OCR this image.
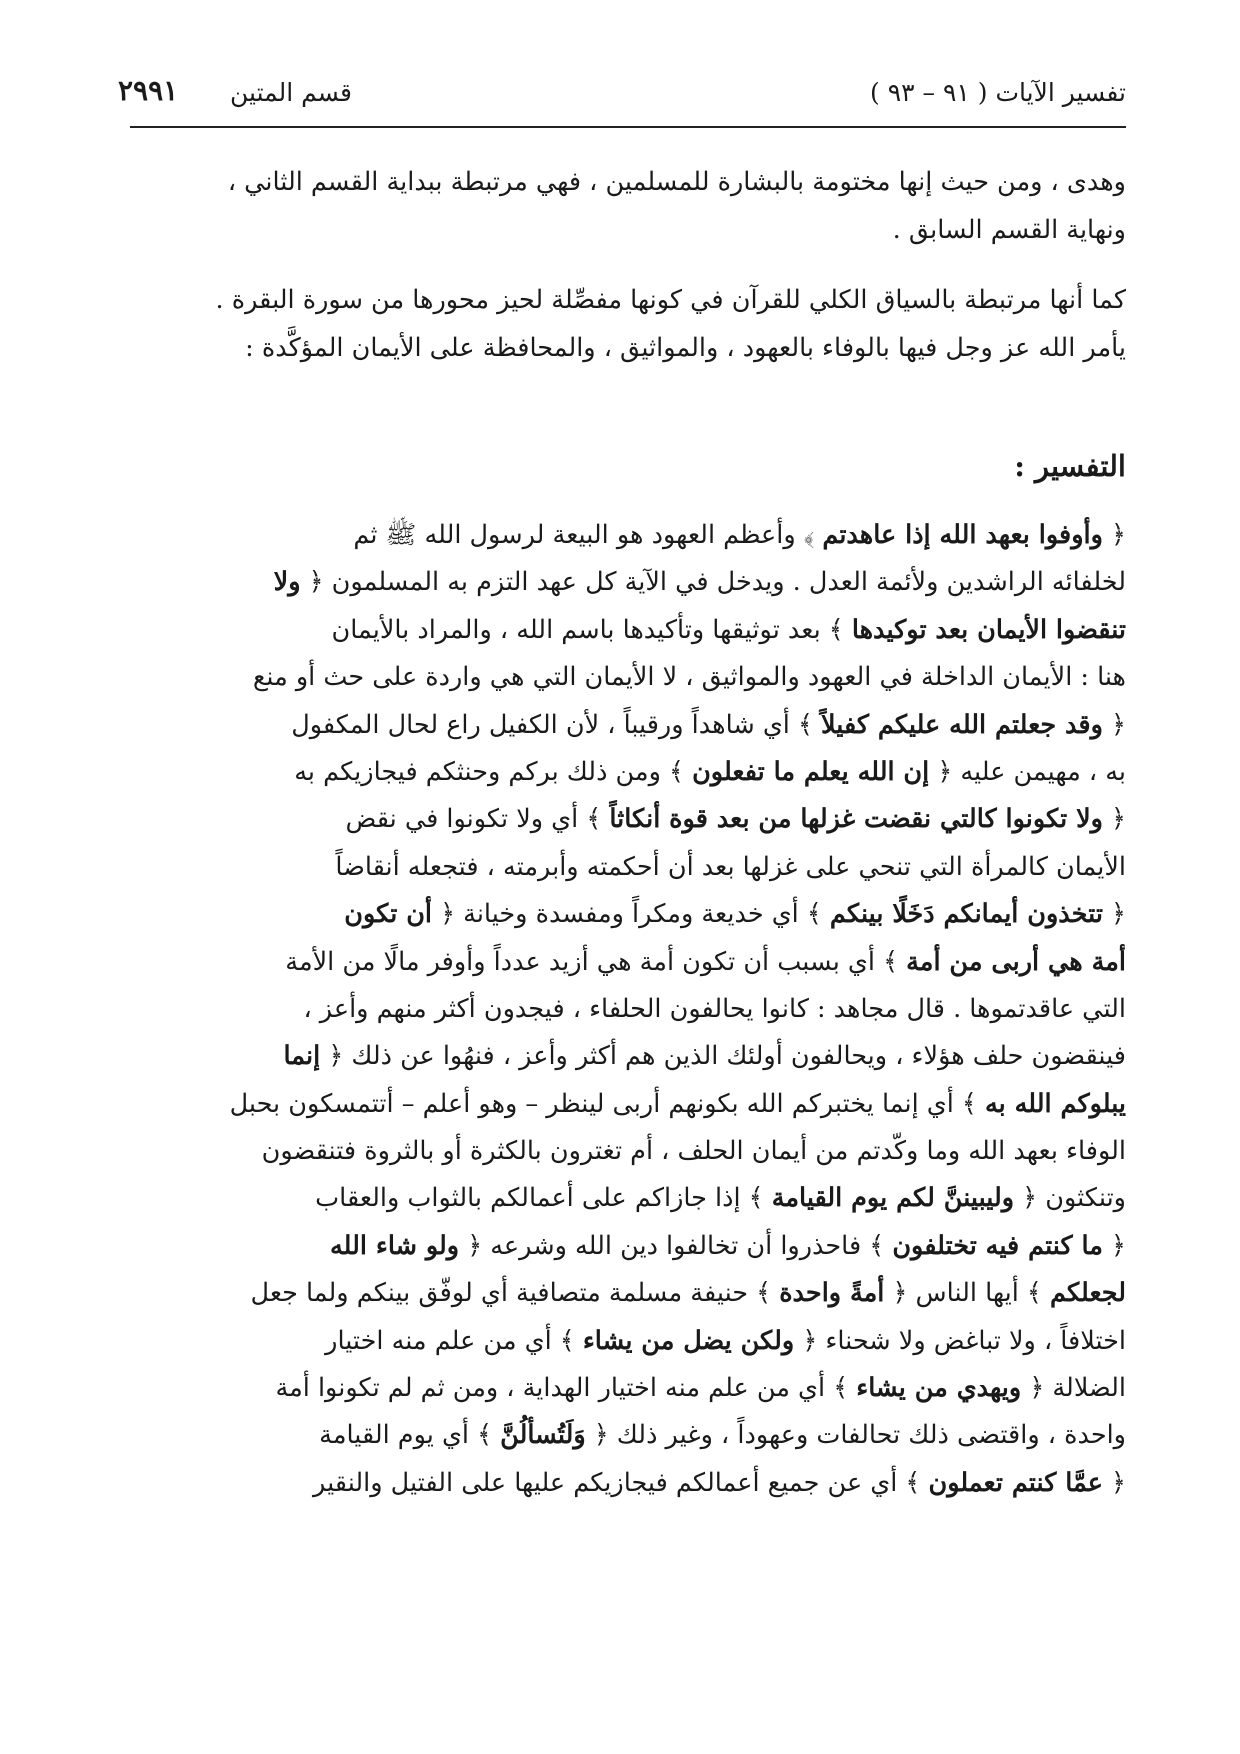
تفسير الآيات ( ٩١ – ٩٣ )
قسم المتين
٢٩٩١
وهدى ، ومن حيث إنها مختومة بالبشارة للمسلمين ، فهي مرتبطة ببداية القسم الثاني ،
ونهاية القسم السابق .
كما أنها مرتبطة بالسياق الكلي للقرآن في كونها مفصِّلة لحيز محورها من سورة البقرة .
يأمر الله عز وجل فيها بالوفاء بالعهود ، والمواثيق ، والمحافظة على الأيمان المؤكَّدة :
التفسير :
﴿ وأوفوا بعهد الله إذا عاهدتم ﴾ وأعظم العهود هو البيعة لرسول الله ﷺ ثم
لخلفائه الراشدين ولأئمة العدل . ويدخل في الآية كل عهد التزم به المسلمون ﴿ ولا
تنقضوا الأيمان بعد توكيدها ﴾ بعد توثيقها وتأكيدها باسم الله ، والمراد بالأيمان
هنا : الأيمان الداخلة في العهود والمواثيق ، لا الأيمان التي هي واردة على حث أو منع
﴿ وقد جعلتم الله عليكم كفيلاً ﴾ أي شاهداً ورقيباً ، لأن الكفيل راع لحال المكفول
به ، مهيمن عليه ﴿ إن الله يعلم ما تفعلون ﴾ ومن ذلك بركم وحنثكم فيجازيكم به
﴿ ولا تكونوا كالتي نقضت غزلها من بعد قوة أنكاثاً ﴾ أي ولا تكونوا في نقض
الأيمان كالمرأة التي تنحي على غزلها بعد أن أحكمته وأبرمته ، فتجعله أنقاضاً
﴿ تتخذون أيمانكم دَخَلًا بينكم ﴾ أي خديعة ومكراً ومفسدة وخيانة ﴿ أن تكون
أمة هي أربى من أمة ﴾ أي بسبب أن تكون أمة هي أزيد عدداً وأوفر مالًا من الأمة
التي عاقدتموها . قال مجاهد : كانوا يحالفون الحلفاء ، فيجدون أكثر منهم وأعز ،
فينقضون حلف هؤلاء ، ويحالفون أولئك الذين هم أكثر وأعز ، فنهُوا عن ذلك ﴿ إنما
يبلوكم الله به ﴾ أي إنما يختبركم الله بكونهم أربى لينظر – وهو أعلم – أتتمسكون بحبل
الوفاء بعهد الله وما وكّدتم من أيمان الحلف ، أم تغترون بالكثرة أو بالثروة فتنقضون
وتنكثون ﴿ وليبيننَّ لكم يوم القيامة ﴾ إذا جازاكم على أعمالكم بالثواب والعقاب
﴿ ما كنتم فيه تختلفون ﴾ فاحذروا أن تخالفوا دين الله وشرعه ﴿ ولو شاء الله
لجعلكم ﴾ أيها الناس ﴿ أمةً واحدة ﴾ حنيفة مسلمة متصافية أي لوفّق بينكم ولما جعل
اختلافاً ، ولا تباغض ولا شحناء ﴿ ولكن يضل من يشاء ﴾ أي من علم منه اختيار
الضلالة ﴿ ويهدي من يشاء ﴾ أي من علم منه اختيار الهداية ، ومن ثم لم تكونوا أمة
واحدة ، واقتضى ذلك تحالفات وعهوداً ، وغير ذلك ﴿ وَلَتُسألُنَّ ﴾ أي يوم القيامة
﴿ عمَّا كنتم تعملون ﴾ أي عن جميع أعمالكم فيجازيكم عليها على الفتيل والنقير
